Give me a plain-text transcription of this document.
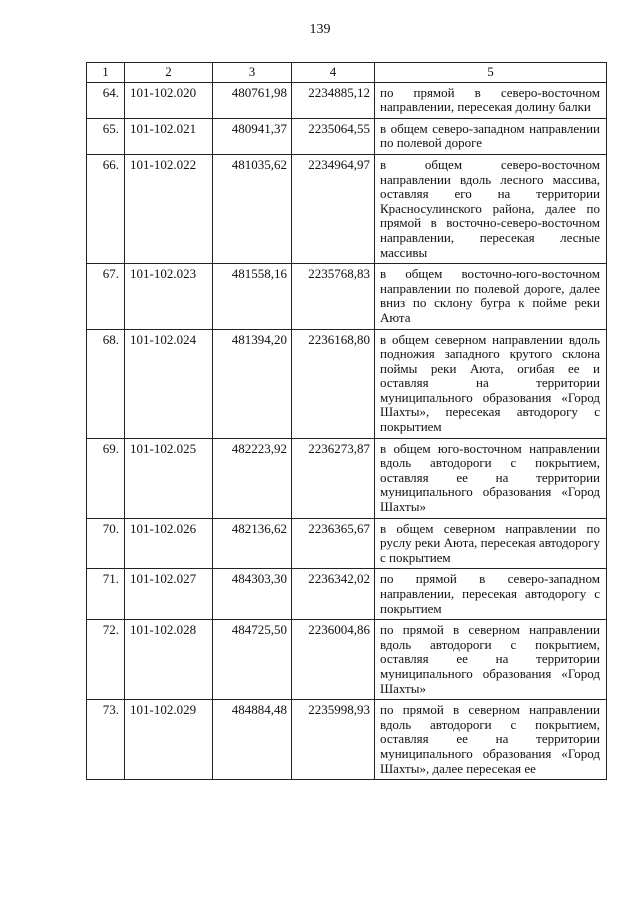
139
1	2	3	4	5
64.	101-102.020	480761,98	2234885,12	по прямой в северо-восточном направлении, пересекая долину балки
65.	101-102.021	480941,37	2235064,55	в общем северо-западном направлении по полевой дороге
66.	101-102.022	481035,62	2234964,97	в общем северо-восточном направлении вдоль лесного массива, оставляя его на территории Красносулинского района, далее по прямой в восточно-северо-восточном направлении, пересекая лесные массивы
67.	101-102.023	481558,16	2235768,83	в общем восточно-юго-восточном направлении по полевой дороге, далее вниз по склону бугра к пойме реки Аюта
68.	101-102.024	481394,20	2236168,80	в общем северном направлении вдоль подножия западного крутого склона поймы реки Аюта, огибая ее и оставляя на территории муниципального образования «Город Шахты», пересекая автодорогу с покрытием
69.	101-102.025	482223,92	2236273,87	в общем юго-восточном направлении вдоль автодороги с покрытием, оставляя ее на территории муниципального образования «Город Шахты»
70.	101-102.026	482136,62	2236365,67	в общем северном направлении по руслу реки Аюта, пересекая автодорогу с покрытием
71.	101-102.027	484303,30	2236342,02	по прямой в северо-западном направлении, пересекая автодорогу с покрытием
72.	101-102.028	484725,50	2236004,86	по прямой в северном направлении вдоль автодороги с покрытием, оставляя ее на территории муниципального образования «Город Шахты»
73.	101-102.029	484884,48	2235998,93	по прямой в северном направлении вдоль автодороги с покрытием, оставляя ее на территории муниципального образования «Город Шахты», далее пересекая ее
